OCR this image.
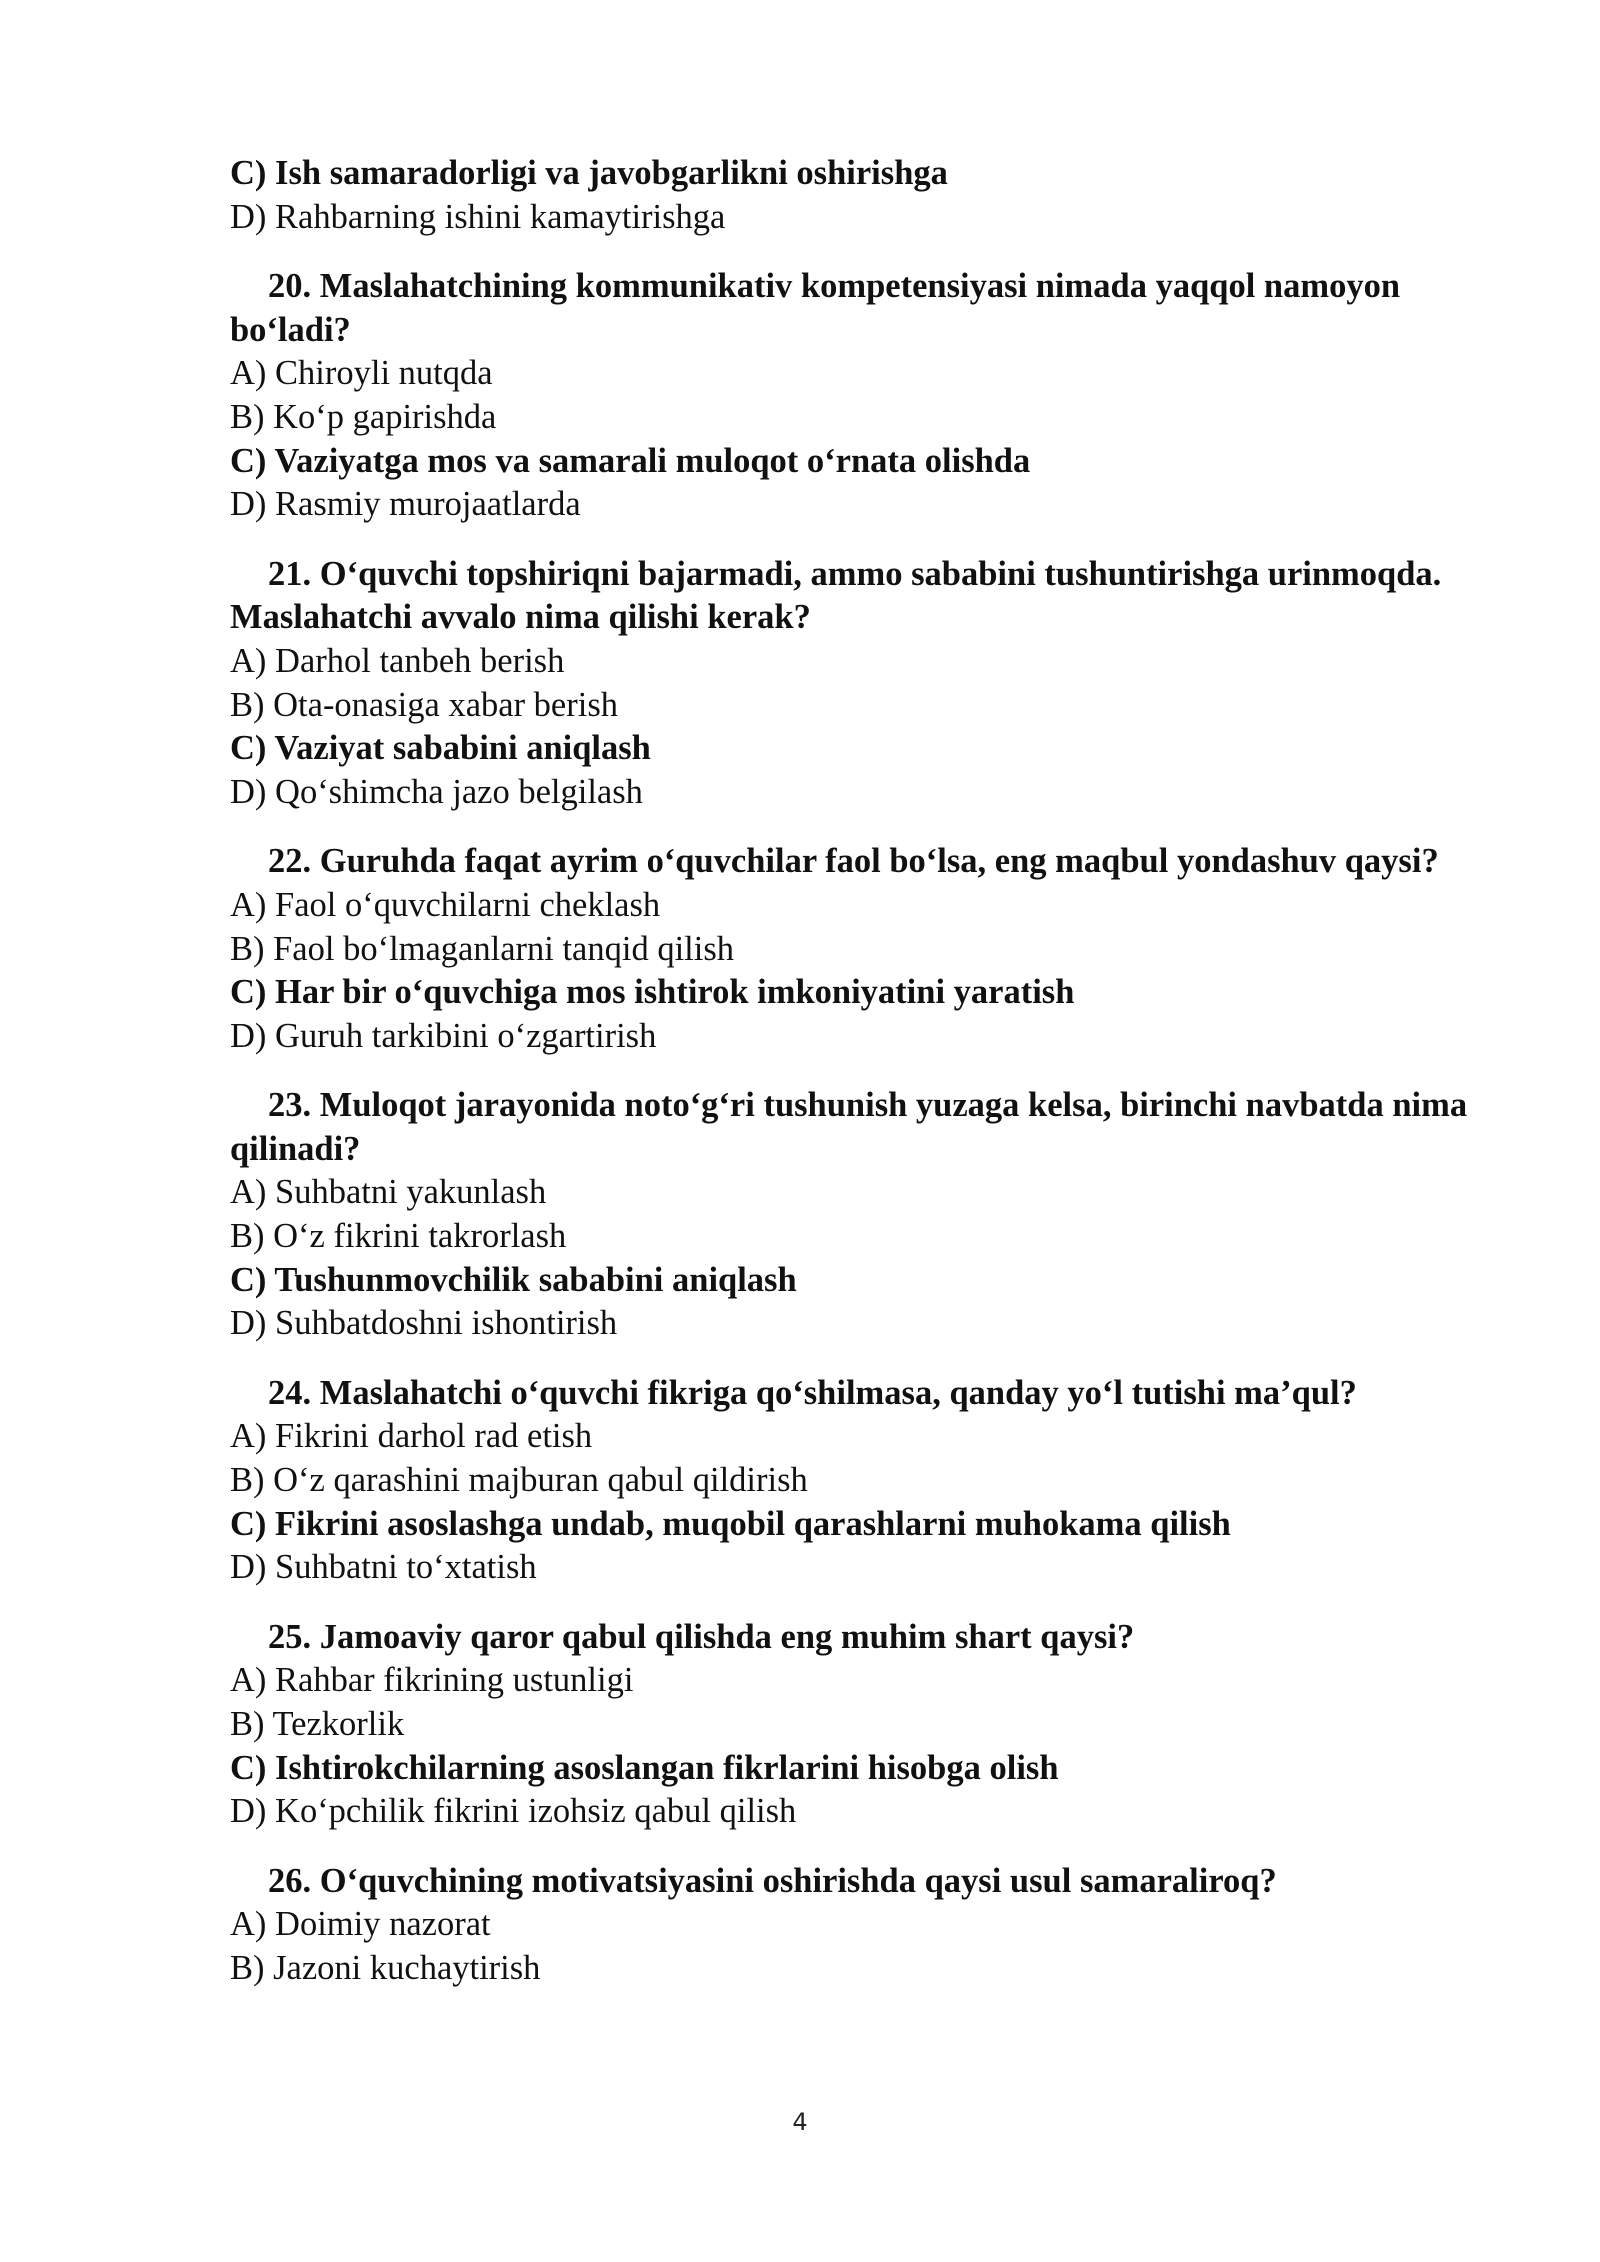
C) Ish samaradorligi va javobgarlikni oshirishga
D) Rahbarning ishini kamaytirishga
20. Maslahatchining kommunikativ kompetensiyasi nimada yaqqol namoyon bo‘ladi?
A) Chiroyli nutqda
B) Ko‘p gapirishda
C) Vaziyatga mos va samarali muloqot o‘rnata olishda
D) Rasmiy murojaatlarda
21. O‘quvchi topshiriqni bajarmadi, ammo sababini tushuntirishga urinmoqda. Maslahatchi avvalo nima qilishi kerak?
A) Darhol tanbeh berish
B) Ota-onasiga xabar berish
C) Vaziyat sababini aniqlash
D) Qo‘shimcha jazo belgilash
22. Guruhda faqat ayrim o‘quvchilar faol bo‘lsa, eng maqbul yondashuv qaysi?
A) Faol o‘quvchilarni cheklash
B) Faol bo‘lmaganlarni tanqid qilish
C) Har bir o‘quvchiga mos ishtirok imkoniyatini yaratish
D) Guruh tarkibini o‘zgartirish
23. Muloqot jarayonida noto‘g‘ri tushunish yuzaga kelsa, birinchi navbatda nima qilinadi?
A) Suhbatni yakunlash
B) O‘z fikrini takrorlash
C) Tushunmovchilik sababini aniqlash
D) Suhbatdoshni ishontirish
24. Maslahatchi o‘quvchi fikriga qo‘shilmasa, qanday yo‘l tutishi ma’qul?
A) Fikrini darhol rad etish
B) O‘z qarashini majburan qabul qildirish
C) Fikrini asoslashga undab, muqobil qarashlarni muhokama qilish
D) Suhbatni to‘xtatish
25. Jamoaviy qaror qabul qilishda eng muhim shart qaysi?
A) Rahbar fikrining ustunligi
B) Tezkorlik
C) Ishtirokchilarning asoslangan fikrlarini hisobga olish
D) Ko‘pchilik fikrini izohsiz qabul qilish
26. O‘quvchining motivatsiyasini oshirishda qaysi usul samaraliroq?
A) Doimiy nazorat
B) Jazoni kuchaytirish
4
